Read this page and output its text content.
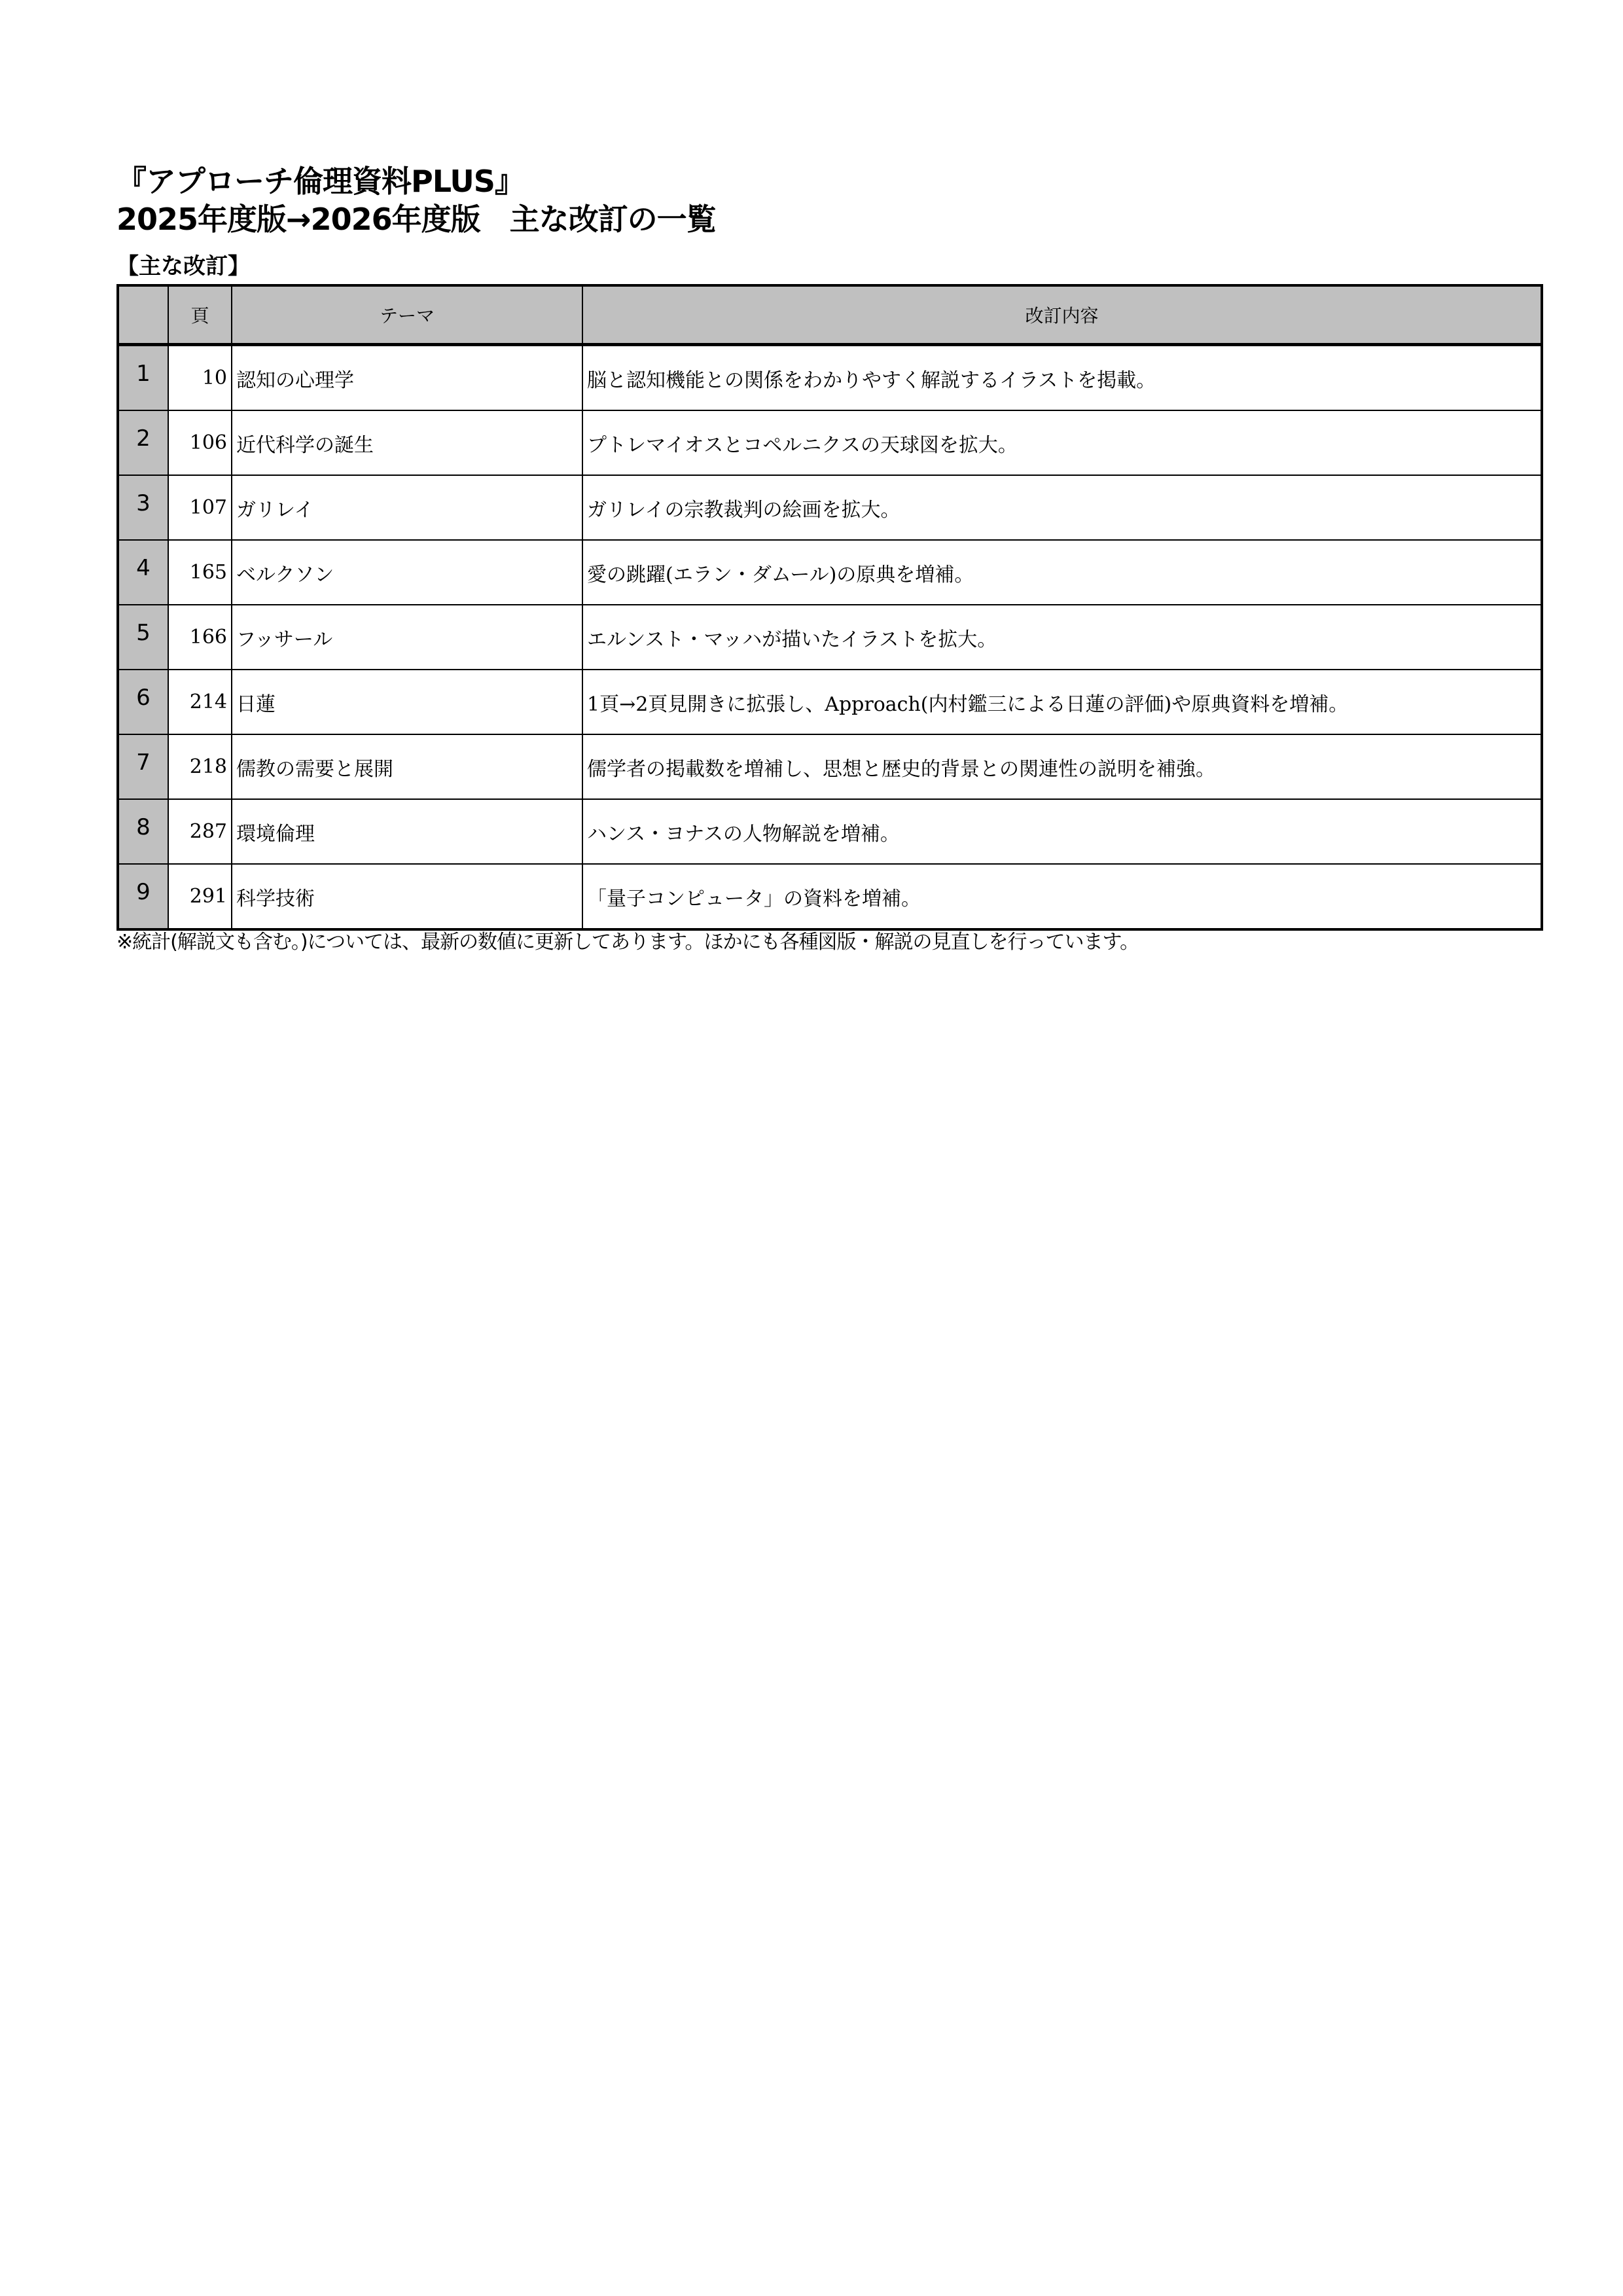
『アプローチ倫理資料PLUS』
2025年度版→2026年度版　主な改訂の一覧
【主な改訂】
	頁	テーマ	改訂内容
1	10	認知の心理学	脳と認知機能との関係をわかりやすく解説するイラストを掲載。
2	106	近代科学の誕生	プトレマイオスとコペルニクスの天球図を拡大。
3	107	ガリレイ	ガリレイの宗教裁判の絵画を拡大。
4	165	ベルクソン	愛の跳躍(エラン・ダムール)の原典を増補。
5	166	フッサール	エルンスト・マッハが描いたイラストを拡大。
6	214	日蓮	1頁→2頁見開きに拡張し、Approach(内村鑑三による日蓮の評価)や原典資料を増補。
7	218	儒教の需要と展開	儒学者の掲載数を増補し、思想と歴史的背景との関連性の説明を補強。
8	287	環境倫理	ハンス・ヨナスの人物解説を増補。
9	291	科学技術	「量子コンピュータ」の資料を増補。
※統計(解説文も含む。)については、最新の数値に更新してあります。ほかにも各種図版・解説の見直しを行っています。
